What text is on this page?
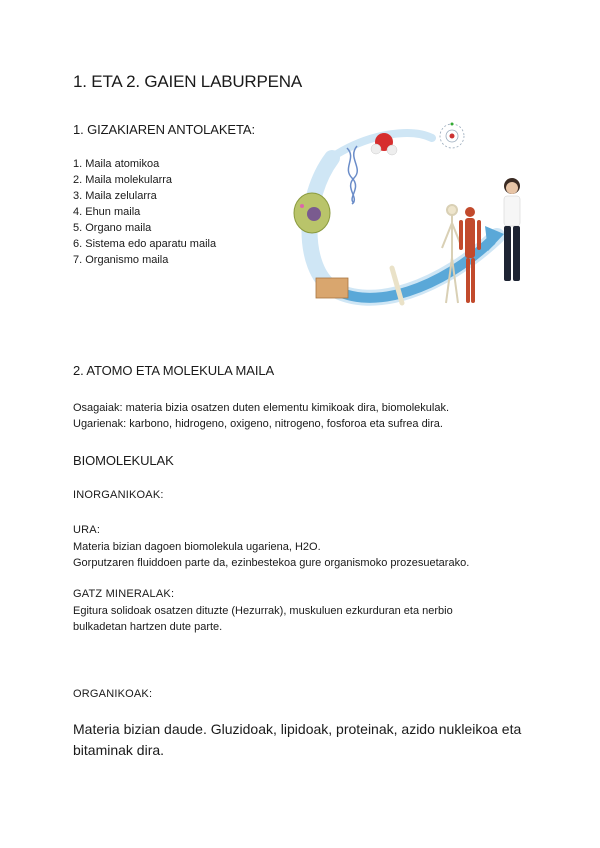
1. ETA 2. GAIEN LABURPENA
1. GIZAKIAREN ANTOLAKETA:
1. Maila atomikoa
2. Maila molekularra
3. Maila zelularra
4. Ehun maila
5. Organo maila
6. Sistema edo aparatu maila
7. Organismo maila
2. ATOMO ETA MOLEKULA MAILA

Osagaiak: materia bizia osatzen duten elementu kimikoak dira, biomolekulak.

Ugarienak: karbono, hidrogeno, oxigeno, nitrogeno, fosforoa eta sufrea dira.

BIOMOLEKULAK

INORGANIKOAK:

URA:

Materia bizian dagoen biomolekula ugariena, H2O.

Gorputzaren fluiddoen parte da, ezinbestekoa gure organismoko prozesuetarako.

GATZ MINERALAK:

Egitura solidoak osatzen dituzte (Hezurrak), muskuluen ezkurduran eta nerbio

bulkadetan hartzen dute parte.

ORGANIKOAK:

Materia bizian daude. Gluzidoak, lipidoak, proteinak, azido nukleikoa eta bitaminak dira.
